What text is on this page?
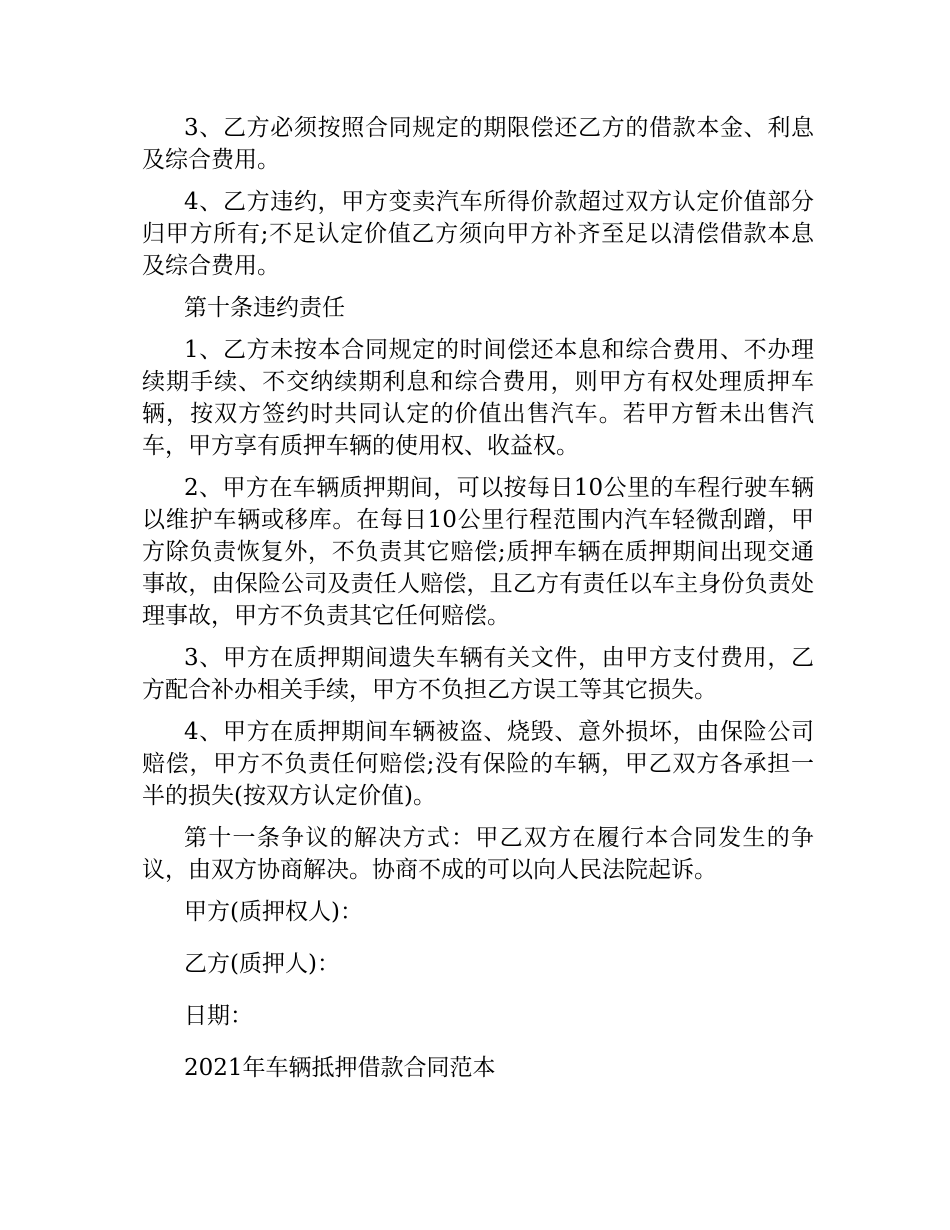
3、乙方必须按照合同规定的期限偿还乙方的借款本金、利息及综合费用。

4、乙方违约，甲方变卖汽车所得价款超过双方认定价值部分归甲方所有;不足认定价值乙方须向甲方补齐至足以清偿借款本息及综合费用。

第十条违约责任

1、乙方未按本合同规定的时间偿还本息和综合费用、不办理续期手续、不交纳续期利息和综合费用，则甲方有权处理质押车辆，按双方签约时共同认定的价值出售汽车。若甲方暂未出售汽车，甲方享有质押车辆的使用权、收益权。

2、甲方在车辆质押期间，可以按每日10公里的车程行驶车辆以维护车辆或移库。在每日10公里行程范围内汽车轻微刮蹭，甲方除负责恢复外，不负责其它赔偿;质押车辆在质押期间出现交通事故，由保险公司及责任人赔偿，且乙方有责任以车主身份负责处理事故，甲方不负责其它任何赔偿。

3、甲方在质押期间遗失车辆有关文件，由甲方支付费用，乙方配合补办相关手续，甲方不负担乙方误工等其它损失。

4、甲方在质押期间车辆被盗、烧毁、意外损坏，由保险公司赔偿，甲方不负责任何赔偿;没有保险的车辆，甲乙双方各承担一半的损失(按双方认定价值)。

第十一条争议的解决方式：甲乙双方在履行本合同发生的争议，由双方协商解决。协商不成的可以向人民法院起诉。

甲方(质押权人)：

乙方(质押人)：

日期：

2021年车辆抵押借款合同范本
